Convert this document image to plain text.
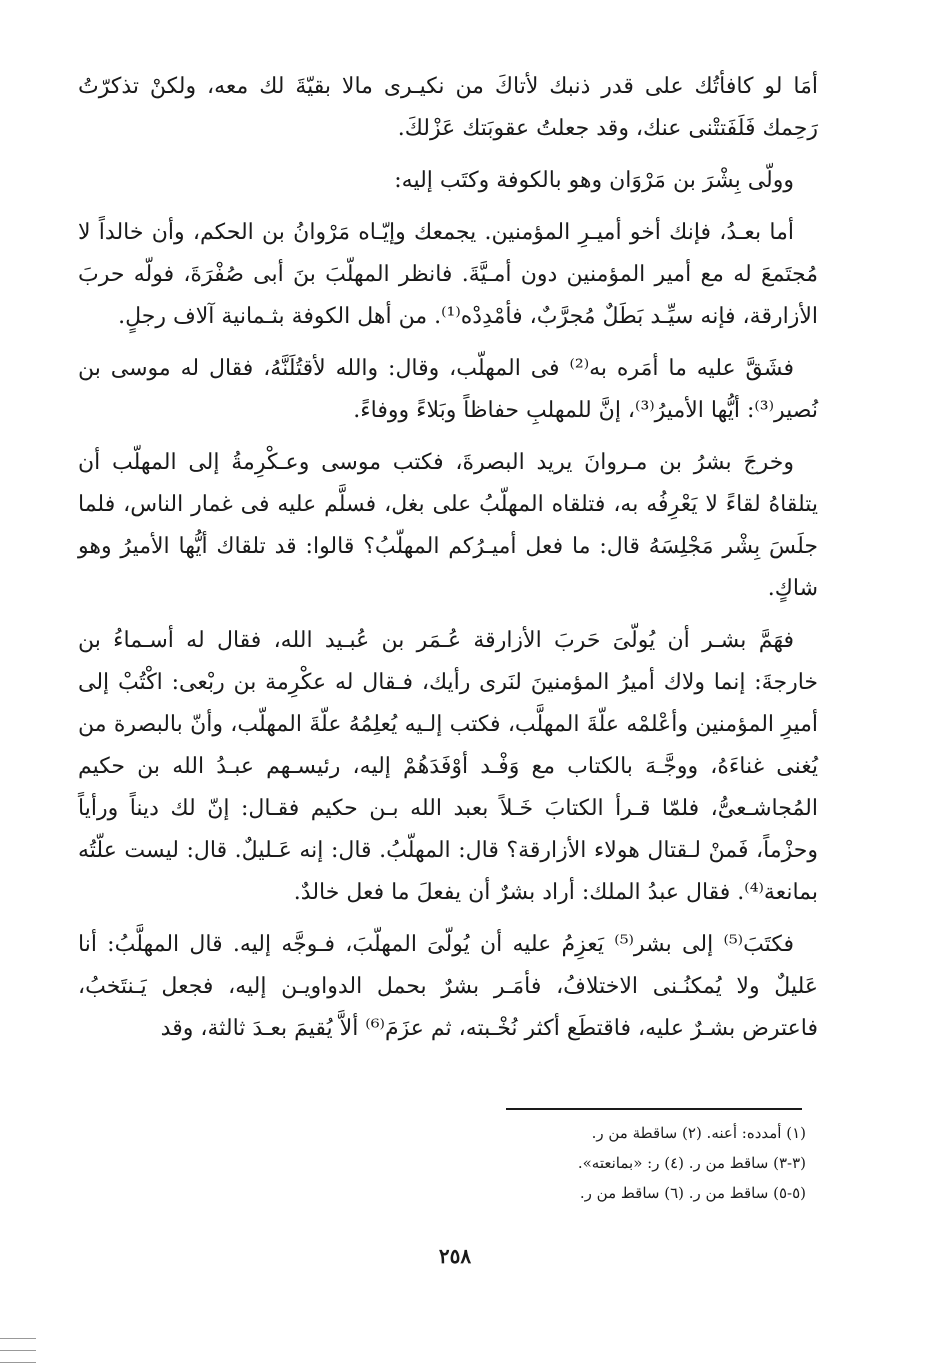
أمَا لو كافأتُك على قدر ذنبك لأتاكَ من نكيـرى مالا بقيّةَ لك معه، ولكنْ تذكرّتُ رَحِمك فَلَفَتتْنى عنك، وقد جعلتُ عقوبَتك عَزْلكَ.

وولّى بِشْرَ بن مَرْوَان وهو بالكوفة وكتَب إليه:

أما بعـدُ، فإنك أخو أميـرِ المؤمنين. يجمعك وإيّـاه مَرْوانُ بن الحكم، وأن خالداً لا مُجتَمعَ له مع أمير المؤمنين دون أمـيَّةَ. فانظر المهلّبَ بنَ أبى صُفْرَةَ، فولّه حربَ الأزارقة، فإنه سيِّـد بَطَلٌ مُجرَّبٌ، فأمْدِدْه⁽¹⁾. من أهل الكوفة بثـمانية آلاف رجلٍ.

فشَقَّ عليه ما أمَره به⁽²⁾ فى المهلّب، وقال: والله لأقتُلَنَّهُ، فقال له موسى بن نُصير⁽³⁾: أيُّها الأميرُ⁽³⁾، إنَّ للمهلبِ حفاظاً وبَلاءً ووفاءً.

وخرجَ بشرُ بن مـروانَ يريد البصرةَ، فكتب موسى وعـكْرِمةُ إلى المهلّب أن يتلقاهُ لقاءً لا يَعْرِفُه به، فتلقاه المهلّبُ على بغل، فسلَّم عليه فى غمار الناس، فلما جلَسَ بِشْر مَجْلِسَهُ قال: ما فعل أميـرُكم المهلّبُ؟ قالوا: قد تلقاك أيُّها الأميرُ وهو شاكٍ.

فهَمَّ بشـر أن يُولّىَ حَربَ الأزارقة عُـمَر بن عُبـيد الله، فقال له أسـماءُ بن خارجةَ: إنما ولاك أميرُ المؤمنينَ لنَرى رأيك، فـقال له عكْرِمة بن ربْعى: اكْتُبْ إلى أميرِ المؤمنين وأعْلمْه علّةَ المهلَّب، فكتب إلـيه يُعلِمُهُ علّةَ المهلّب، وأنّ بالبصرة من يُغنى غناءَهُ، ووجَّـهَ بالكتاب مع وَفْـد أوْفَدَهُمْ إليه، رئيسـهم عبـدُ الله بن حكيم المُجاشـعىُّ، فلمّا قـرأ الكتابَ خَـلاً بعبد الله بـن حكيم فقـال: إنّ لك ديناً ورأياً وحزْماً، فَمنْ لـقتال هولاء الأزارقة؟ قال: المهلّبُ. قال: إنه عَـليلٌ. قال: ليست علّتُه بمانعة⁽⁴⁾. فقال عبدُ الملك: أراد بشرٌ أن يفعلَ ما فعل خالدٌ.

فكتَبَ⁽⁵⁾ إلى بشر⁽⁵⁾ يَعزِمُ عليه أن يُولّىَ المهلّبَ، فـوجَّه إليه. قال المهلَّبُ: أنا عَليلٌ ولا يُمكنُـنى الاختلافُ، فأمَـر بشرٌ بحمل الدواويـن إليه، فجعل يَـنتَخبُ، فاعترض بشـرٌ عليه، فاقتطَع أكثر نُخْـبته، ثم عزَمَ⁽⁶⁾ ألاَّ يُقيمَ بعـدَ ثالثة، وقد

(١) أمدده: أعنه. (٢) ساقطة من ر.
(٣-٣) ساقط من ر. (٤) ر: «بمانعته».
(٥-٥) ساقط من ر. (٦) ساقط من ر.
٢٥٨
